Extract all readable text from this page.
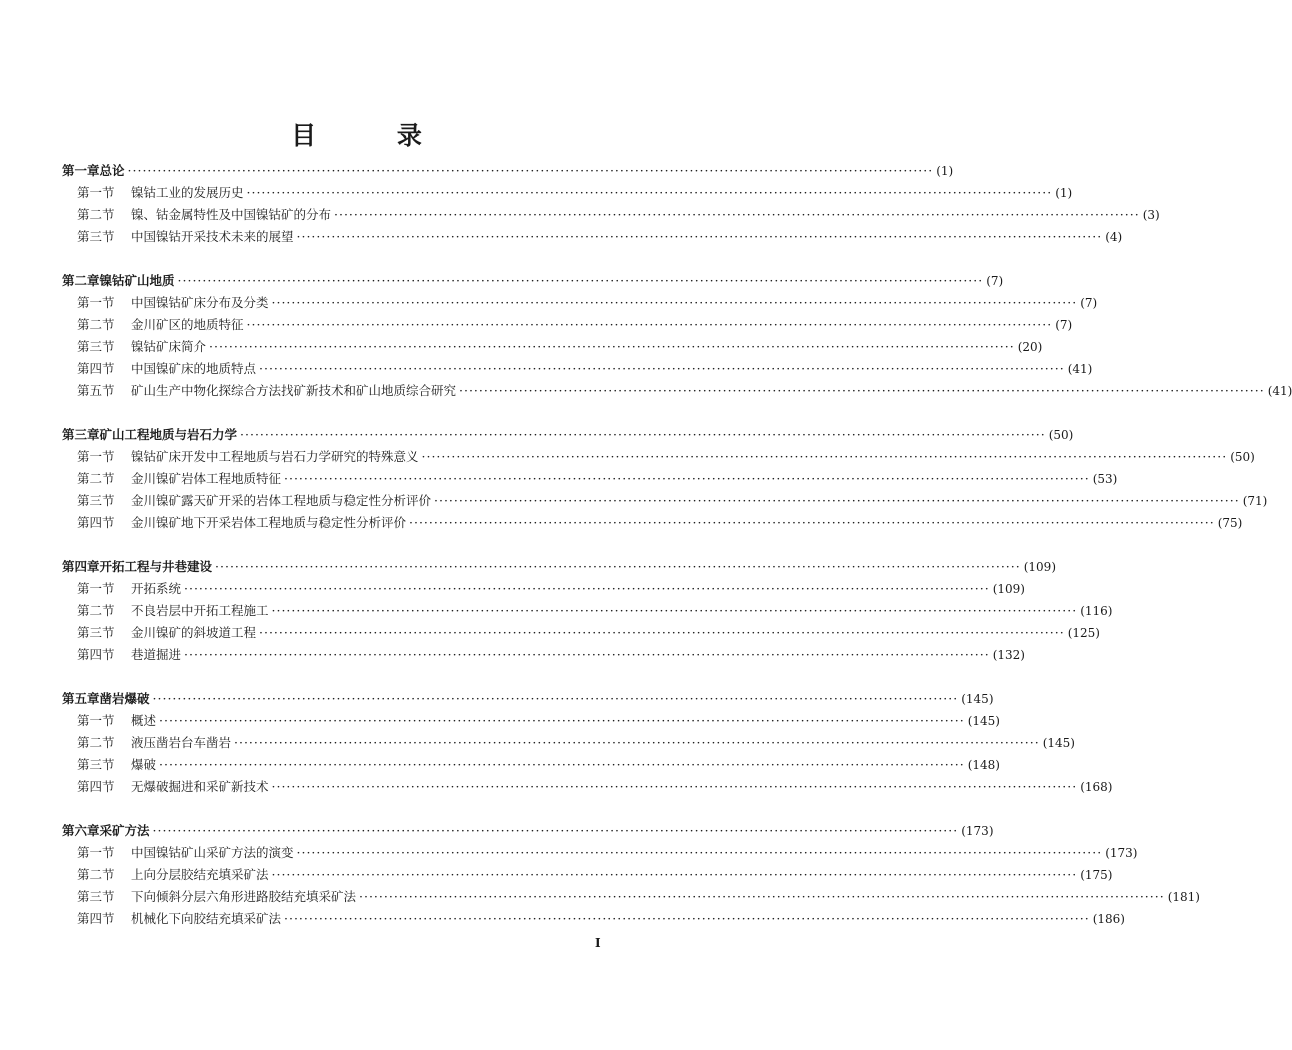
目 录
第一章 总论 ·····	(1)
第一节	镍钴工业的发展历史 ·····	(1)
第二节	镍、钴金属特性及中国镍钴矿的分布 ·····	(3)
第三节	中国镍钴开采技术未来的展望 ·····	(4)
第二章 镍钴矿山地质 ·····	(7)
第一节	中国镍钴矿床分布及分类 ·····	(7)
第二节	金川矿区的地质特征 ·····	(7)
第三节	镍钴矿床简介 ·····	(20)
第四节	中国镍矿床的地质特点 ·····	(41)
第五节	矿山生产中物化探综合方法找矿新技术和矿山地质综合研究 ·····	(41)
第三章 矿山工程地质与岩石力学 ·····	(50)
第一节	镍钴矿床开发中工程地质与岩石力学研究的特殊意义 ·····	(50)
第二节	金川镍矿岩体工程地质特征 ·····	(53)
第三节	金川镍矿露天矿开采的岩体工程地质与稳定性分析评价 ·····	(71)
第四节	金川镍矿地下开采岩体工程地质与稳定性分析评价 ·····	(75)
第四章 开拓工程与井巷建设 ·····	(109)
第一节	开拓系统 ·····	(109)
第二节	不良岩层中开拓工程施工 ·····	(116)
第三节	金川镍矿的斜坡道工程 ·····	(125)
第四节	巷道掘进 ·····	(132)
第五章 凿岩爆破 ·····	(145)
第一节	概述 ·····	(145)
第二节	液压凿岩台车凿岩 ·····	(145)
第三节	爆破 ·····	(148)
第四节	无爆破掘进和采矿新技术 ·····	(168)
第六章 采矿方法 ·····	(173)
第一节	中国镍钴矿山采矿方法的演变 ·····	(173)
第二节	上向分层胶结充填采矿法 ·····	(175)
第三节	下向倾斜分层六角形进路胶结充填采矿法 ·····	(181)
第四节	机械化下向胶结充填采矿法 ·····	(186)
I
